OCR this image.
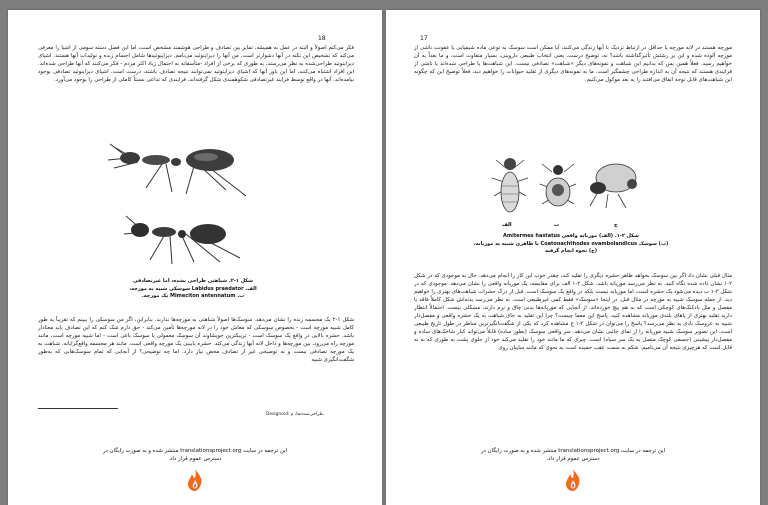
18
فکر می‌کنم اصولاً و البته در عمل نه همیشه، تمایز بین تصادف و طراحی هوشمند مشخص است، اما این فصل دسته سومی از اشیا را معرفی می‌کند که تشخیص این نکته در آنها دشوارتر است. من آنها را دیزاینوئید می‌نامم. دیزاینوئیدها شامل اجسام زنده و تولیدات آنها هستند. اشیای دیزاینوئید طراحی‌شده به نظر می‌رسند، به طوری که برخی از افراد -متأسفانه به احتمال زیاد اکثر مردم - فکر می‌کنند که آنها طراحی شده‌اند. این افراد اشتباه می‌کنند، اما این باور آنها که اشیای دیزاینوئید نمی‌توانند نتیجه تصادف باشند، درست است. اشیای دیزاینوئید تصادفی بوجود نیامده‌اند. آنها در واقع توسط فرایند غیرتصادفی شکوهمندی شکل گرفته‌اند، فرایندی که تداعی نسبتاً کاملی از طراحی را بوجود می‌آورد.
شکل ۱-۲. شباهتی طراحی نشده، اما غیرتصادفی
الف. Labidus praedator سوسکی شبیه به مورچه،
ب. Mimeciton antennatum یک مورچه.
شکل ۱-۲ یک مجسمه زنده را نشان می‌دهد. سوسک‌ها اصولاً شباهتی به مورچه‌ها ندارند. بنابراین، اگر من سوسکی را ببینم که تقریباً به طور کامل شبیه مورچه است - بخصوص سوسکی که معاش خود را در لانه مورچه‌ها تأمین می‌کند - حق دارم شک کنم که این تصادف باید معنادار باشد. حشره بالایی در واقع یک سوسک است - تریبکترین خویشاوند آن سوسک معمولی یا سوسک باغی است - اما شبیه مورچه است، مانند مورچه راه می‌رود، بین مورچه‌ها و داخل لانه آنها زندگی می‌کند. حشره پایینی یک مورچه واقعی است. مانند هر مجسمه واقع‌گرایانه، شباهت به یک مورچه تصادفی نیست و به توضیحی غیر از تصادف محض نیاز دارد. اما چه توضیحی؟ از آنجایی که تمام سوسک‌هایی که به‌طور شگفت‌انگیزی شبیه
Designoid: طراحی‌شده‌نما، م.
این ترجمه در سایت translationsproject.org منتشر شده و به صورت رایگان در
دسترس عموم قرار داد.
17
مورچه هستند در لانه مورچه یا حداقل در ارتباط نزدیک با آنها زندگی می‌کنند، آیا ممکن است سوسک به نوعی ماده شیمیایی یا عفونت ناشی از مورچه آلوده شده و این بر رشتش تأثیرگذاشته باشد؟ نه، توضیح درست، یعنی انتخاب طبیعی داروینی، بسیار متفاوت است، و ما بعداً به آن خواهیم رسید. فعلاً همین بس که بدانیم این شباهت و نمونه‌های دیگر «شباهت» تصادفی نیست. این شباهت‌ها یا طراحی شده‌اند یا ناشی از فرایندی هستند که نتیجه آن به اندازه طراحی چشمگیر است. ما به نمونه‌های دیگری از تقلید حیوانات را خواهیم دید، فعلاً توضیح این که چگونه این شباهت‌های قابل توجه اتفاق می‌افتند را به بعد موکول می‌کنیم.
الف	ب	ج
شکل ۲-۱. (الف) موریانه واقعی Amitermes hastatus
(ب) سوسک Coatonachthodes ovambolandicus با ظاهری شبیه به موریانه،
(ج) نحوه انجام گرفته
مثال قبلی نشان داد اگر بین سوسک بخواهد ظاهر حشره دیگری را تقلید کند، چقدر خوب این کار را انجام می‌دهد. حال به موجودی که در شکل ۲-۱ نشان داده شده نگاه کنید. به نظر می‌رسد موریانه باشد. شکل ۲-۱ الف برای مقایسه، یک موریانه واقعی را نشان می‌دهد. موجودی که در شکل ۲-۱ ب دیده می‌شود یک حشره است، اما موریانه نیست بلکه در واقع یک سوسک است. قبل از درک حشرات شباهت‌های بهتری را خواهیم دید. از جمله سوسک شبیه به مورچه در مثال قبل. در اینجا «سوسک» فقط کمی غیرطبیعی است. به نظر می‌رسد بدنه‌اش شکل کاملاً فاقد با مفصل و مثل بادکنک‌های کوچکی است که به هم پیچ خورده‌اند. از آنجایی که موریانه‌ها بدنی چاق و نرم دارند، مشکلی نیست. احتمالاً انتظار دارید تقلید بهتری از پاهای بلندی موریانه مشاهده کنید. پاسخ این معما چیست؟ چرا این تقلید به جای شباهت به یک حشره واقعی و مفصل‌دار شبیه به عروسک بادی به نظر می‌رسد؟ پاسخ را می‌توان در شکل ۲-۱ ج مشاهده کرد که یکی از شگفت‌انگیزترین مناظر در طول تاریخ طبیعی است. این تصویر سوسک شبیه موریانه را از نمای جانبی نشان می‌دهد. سر واقعی سوسک (بطور ساده) قابلاً می‌تواند کنار شاخک‌های ساده و مفصل‌دار پیشینی (جسمی کوچک متصل به یک سر سیاه) است. چیزی که ما مانند خود را تقلید می‌کند خود از جلوی پشت به طوری که به نه قابل است که هرچیزی نتیجه آن می‌نامیم. شکم به سمت عقب خمیده است به نحوی که مانند سایبان روی
این ترجمه در سایت translationsproject.org منتشر شده و به صورت رایگان در
دسترس عموم قرار داد.
